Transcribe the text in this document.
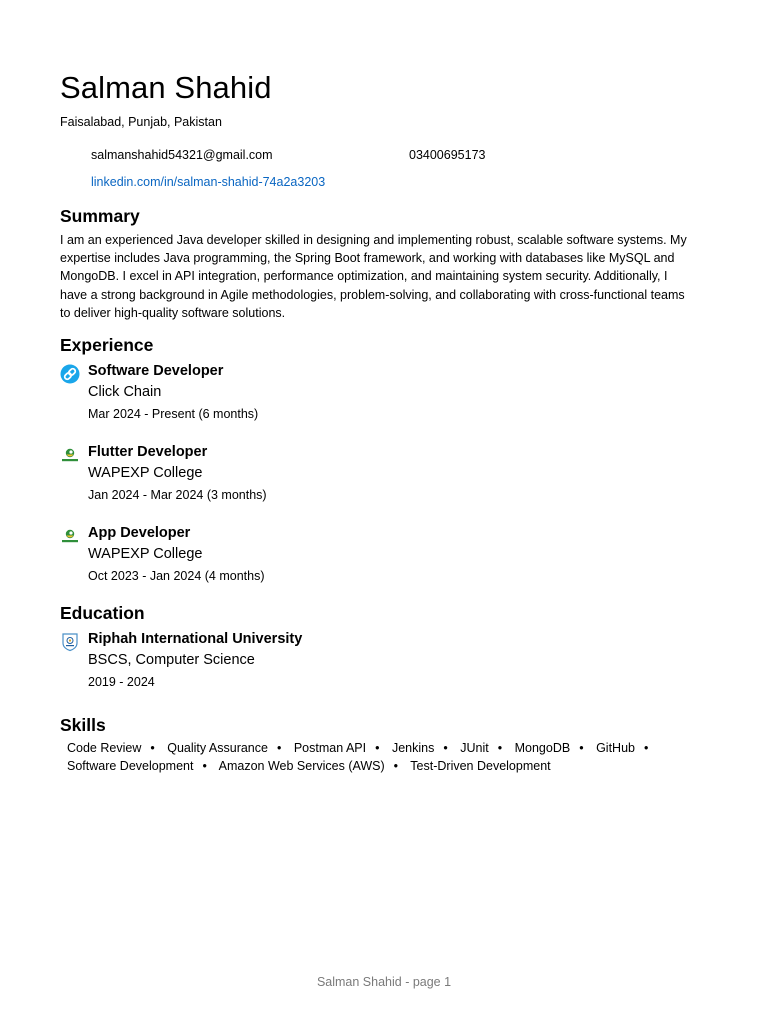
Salman Shahid
Faisalabad, Punjab, Pakistan
salmanshahid54321@gmail.com	03400695173
linkedin.com/in/salman-shahid-74a2a3203
Summary
I am an experienced Java developer skilled in designing and implementing robust, scalable software systems. My expertise includes Java programming, the Spring Boot framework, and working with databases like MySQL and MongoDB. I excel in API integration, performance optimization, and maintaining system security. Additionally, I have a strong background in Agile methodologies, problem-solving, and collaborating with cross-functional teams to deliver high-quality software solutions.
Experience
Software Developer
Click Chain
Mar 2024 - Present (6 months)
Flutter Developer
WAPEXP College
Jan 2024 - Mar 2024 (3 months)
App Developer
WAPEXP College
Oct 2023 - Jan 2024 (4 months)
Education
Riphah International University
BSCS, Computer Science
2019 - 2024
Skills
Code Review • Quality Assurance • Postman API • Jenkins • JUnit • MongoDB • GitHub •
Software Development • Amazon Web Services (AWS) • Test-Driven Development
Salman Shahid - page 1
